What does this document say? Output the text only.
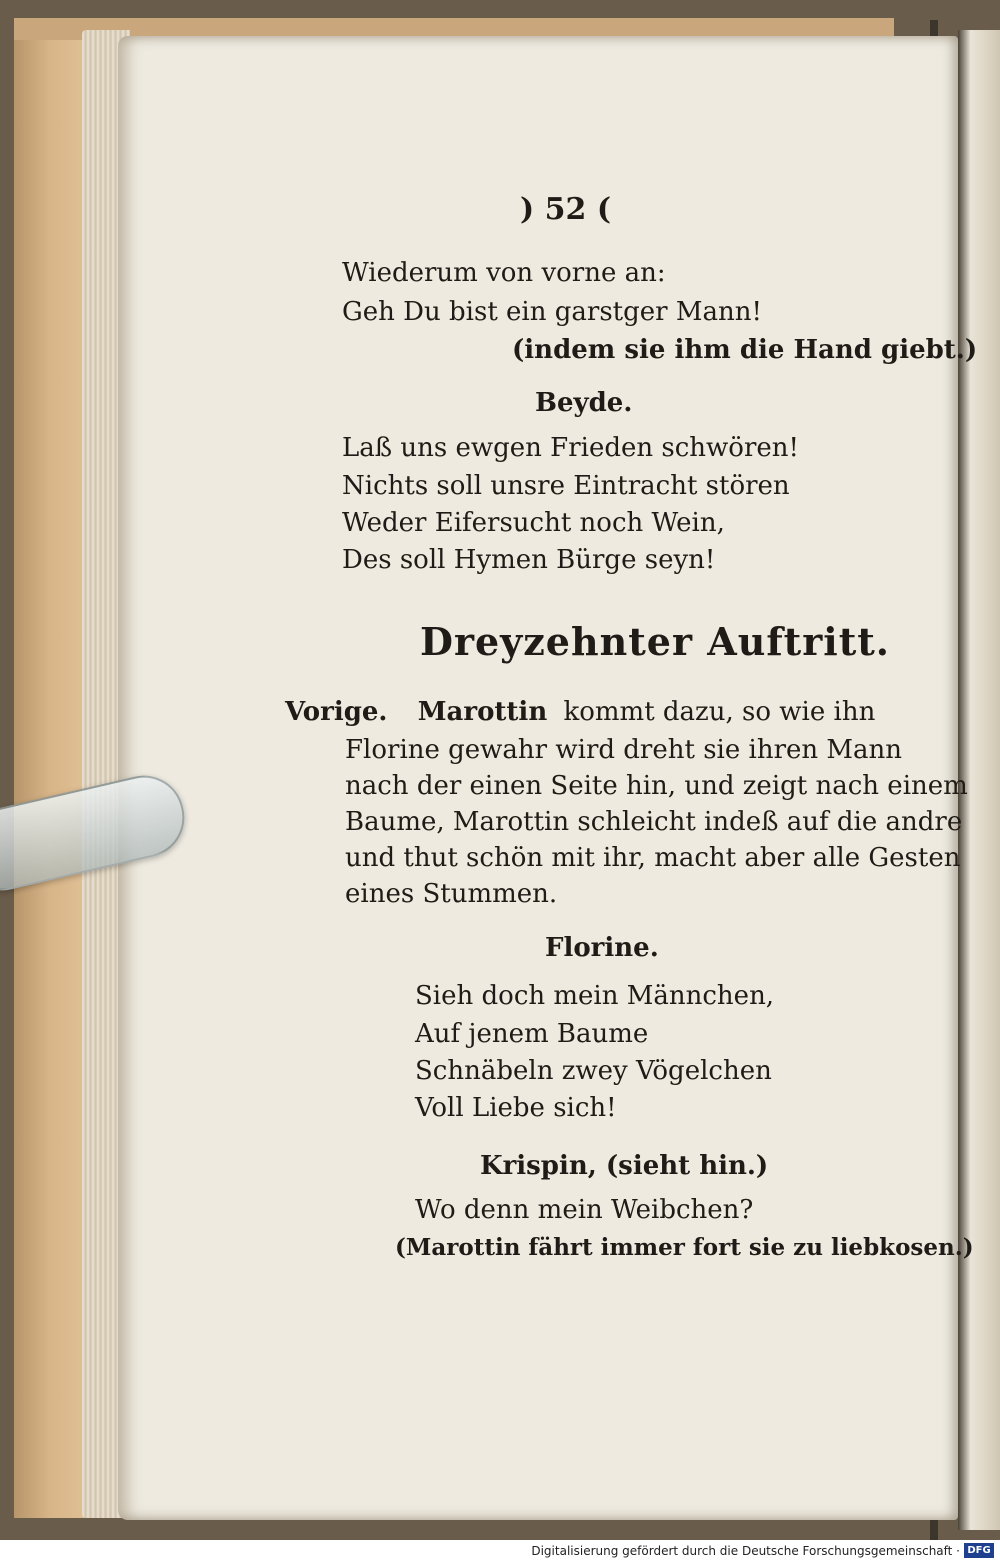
) 52 (
Wiederum von vorne an:
Geh Du bist ein garstger Mann!
(indem sie ihm die Hand giebt.)
Beyde.
Laß uns ewgen Frieden schwören!
Nichts soll unsre Eintracht stören
Weder Eifersucht noch Wein,
Des soll Hymen Bürge seyn!
Dreyzehnter Auftritt.
Vorige. Marottin kommt dazu, so wie ihn
Florine gewahr wird dreht sie ihren Mann
nach der einen Seite hin, und zeigt nach einem
Baume, Marottin schleicht indeß auf die andre
und thut schön mit ihr, macht aber alle Gesten
eines Stummen.
Florine.
Sieh doch mein Männchen,
Auf jenem Baume
Schnäbeln zwey Vögelchen
Voll Liebe sich!
Krispin, (sieht hin.)
Wo denn mein Weibchen?
(Marottin fährt immer fort sie zu liebkosen.)
Digitalisierung gefördert durch die Deutsche Forschungsgemeinschaft · DFG
